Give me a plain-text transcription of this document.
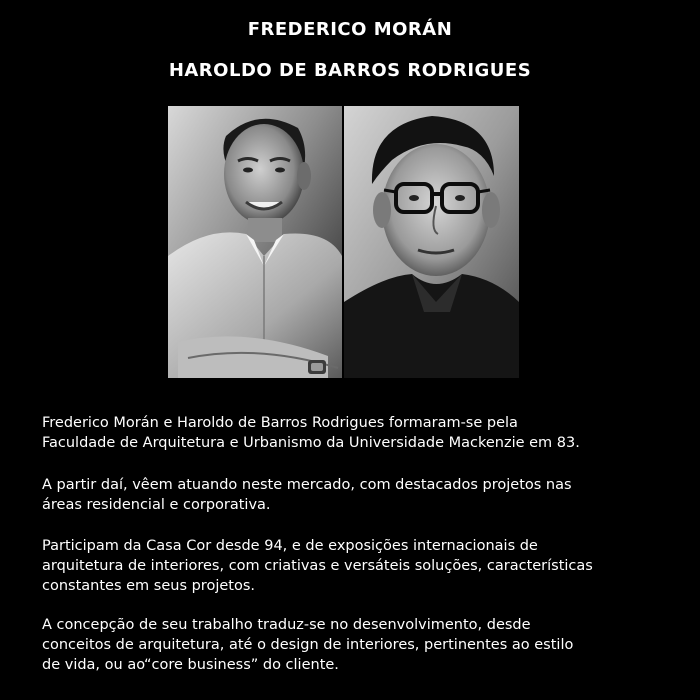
FREDERICO MORÁN
HAROLDO DE BARROS RODRIGUES
Frederico Morán e Haroldo de Barros Rodrigues formaram-se pela
Faculdade de Arquitetura e Urbanismo da Universidade Mackenzie em 83.
A partir daí, vêem atuando neste mercado, com destacados projetos nas
áreas residencial e corporativa.
Participam da Casa Cor desde 94, e de exposições internacionais de
arquitetura de interiores, com criativas e versáteis soluções, características
constantes em seus projetos.
A concepção de seu trabalho traduz-se no desenvolvimento, desde
conceitos de arquitetura, até o design de interiores, pertinentes ao estilo
de vida, ou ao“core business” do cliente.
